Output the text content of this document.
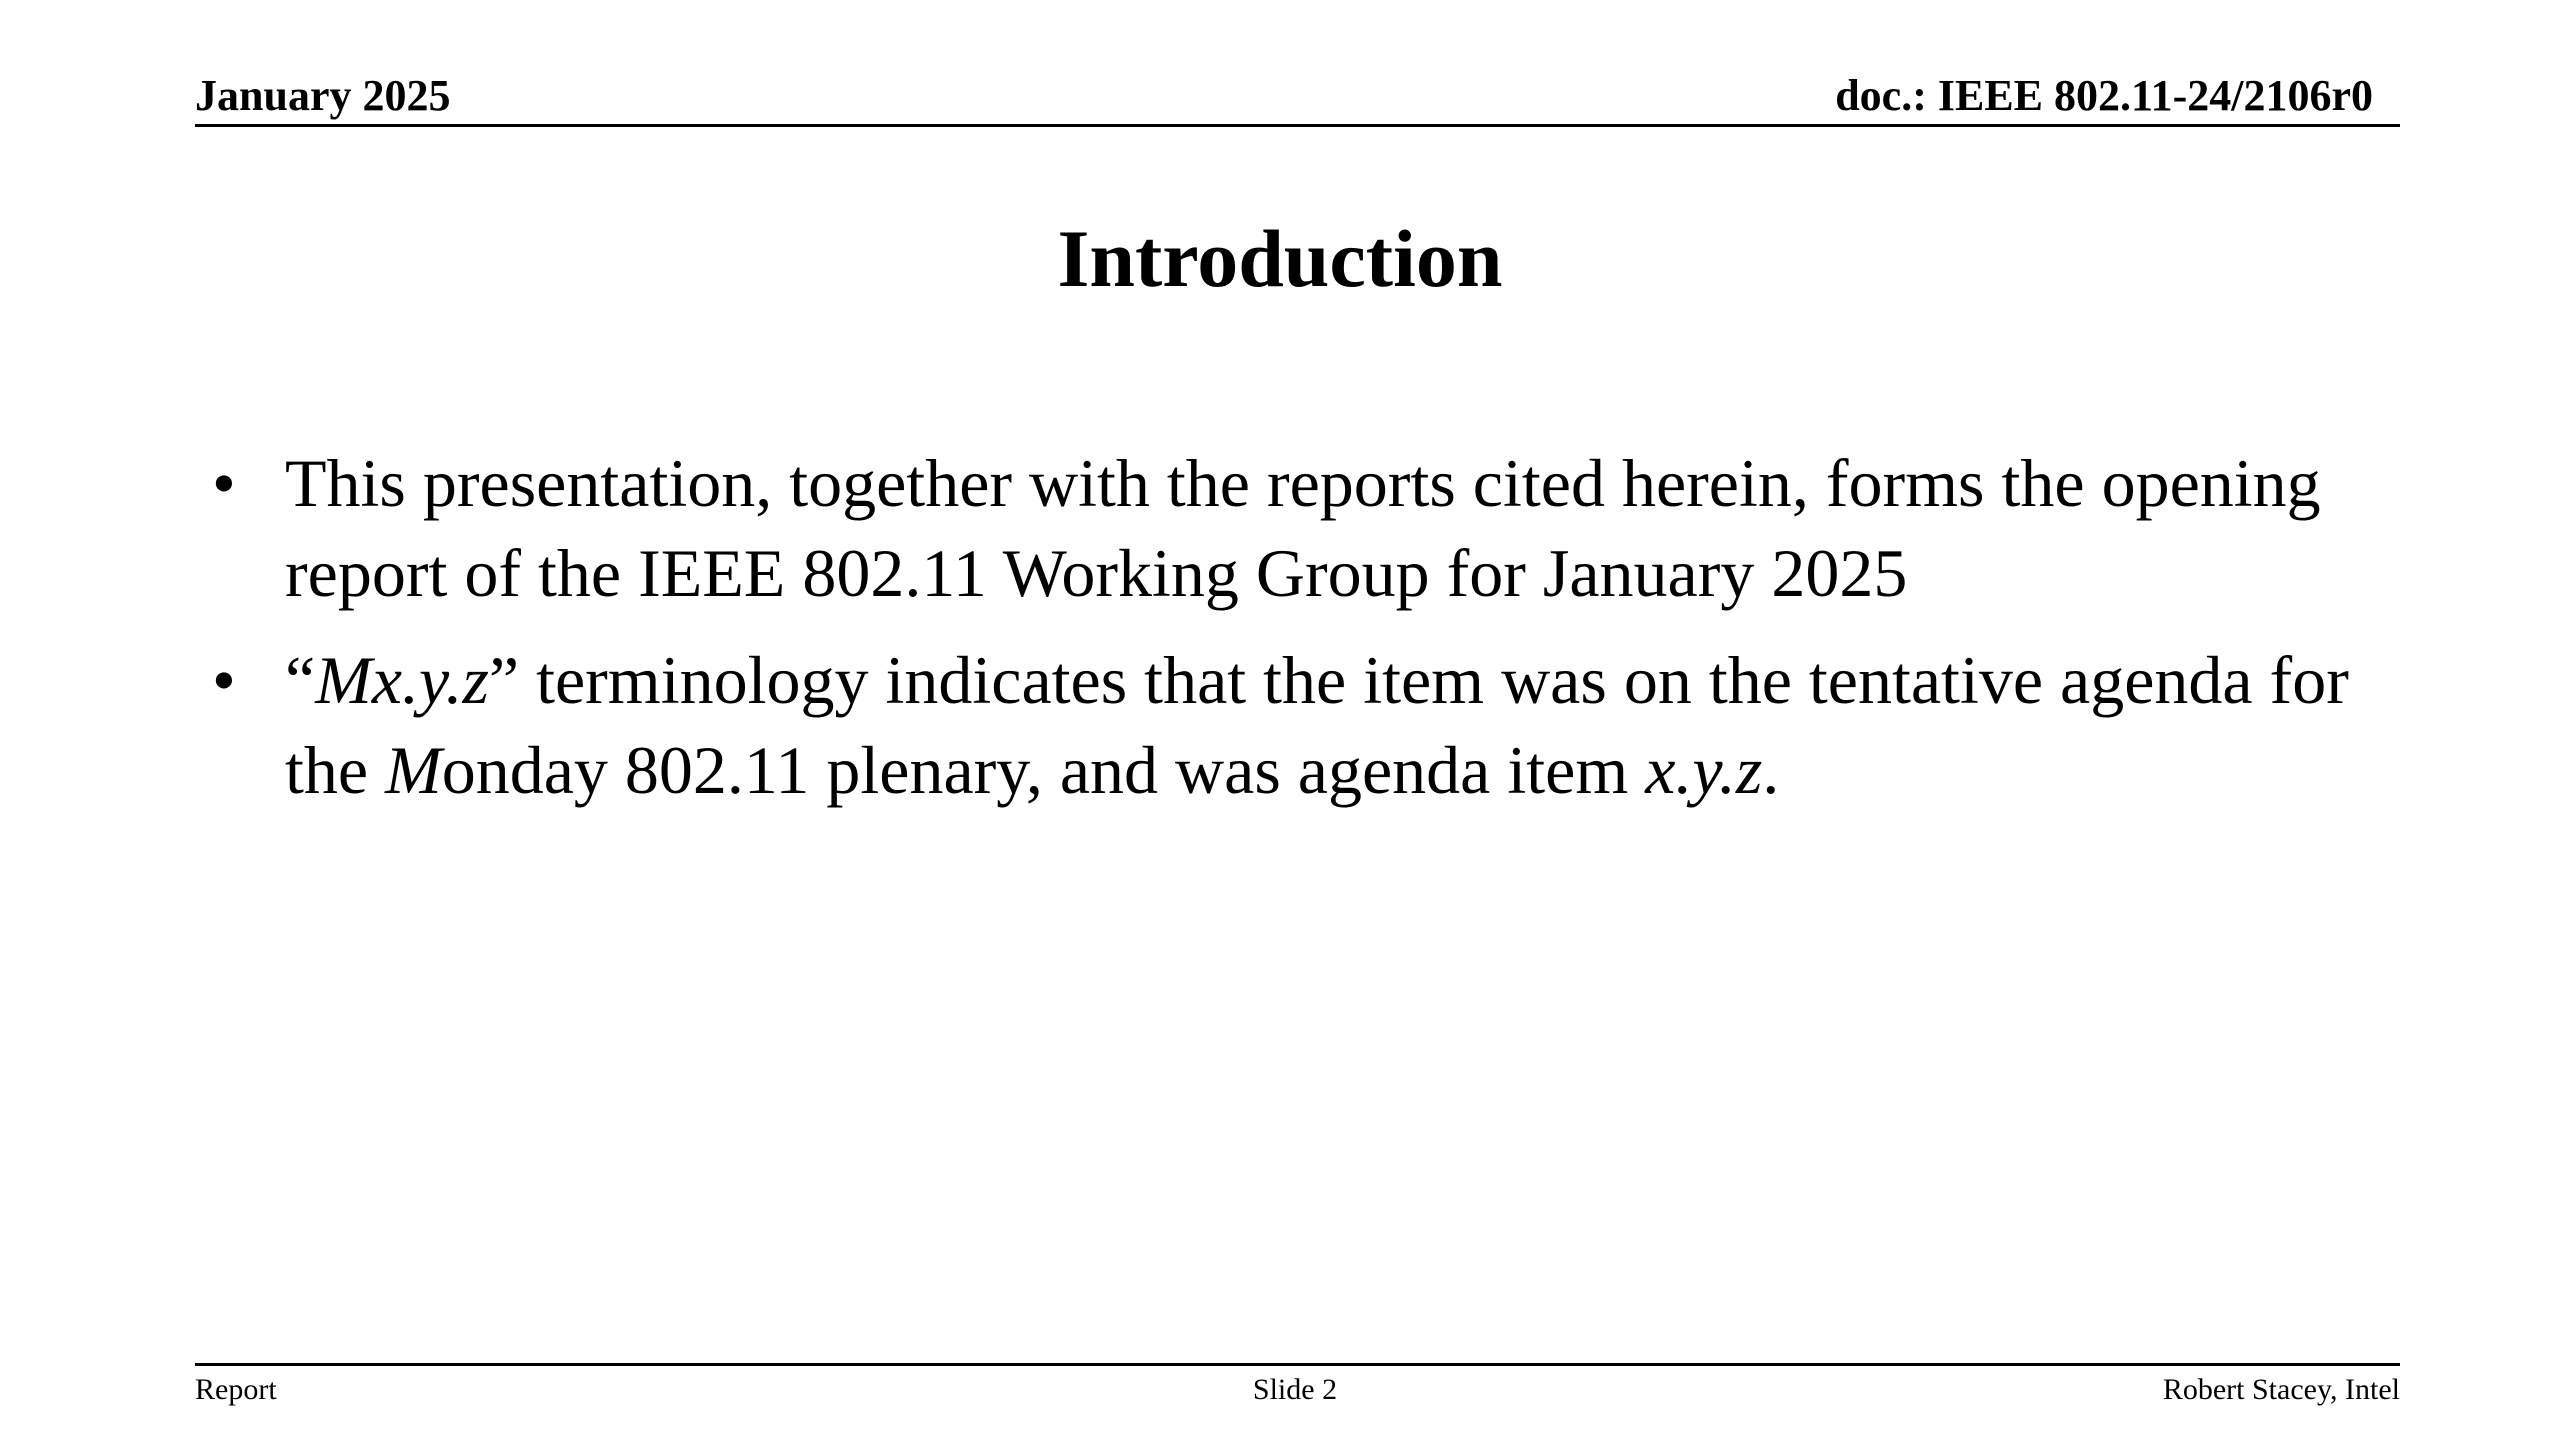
January 2025	doc.: IEEE 802.11-24/2106r0
Introduction
• This presentation, together with the reports cited herein, forms the opening report of the IEEE 802.11 Working Group for January 2025
• “Mx.y.z” terminology indicates that the item was on the tentative agenda for the Monday 802.11 plenary, and was agenda item x.y.z.
Report	Slide 2	Robert Stacey, Intel
